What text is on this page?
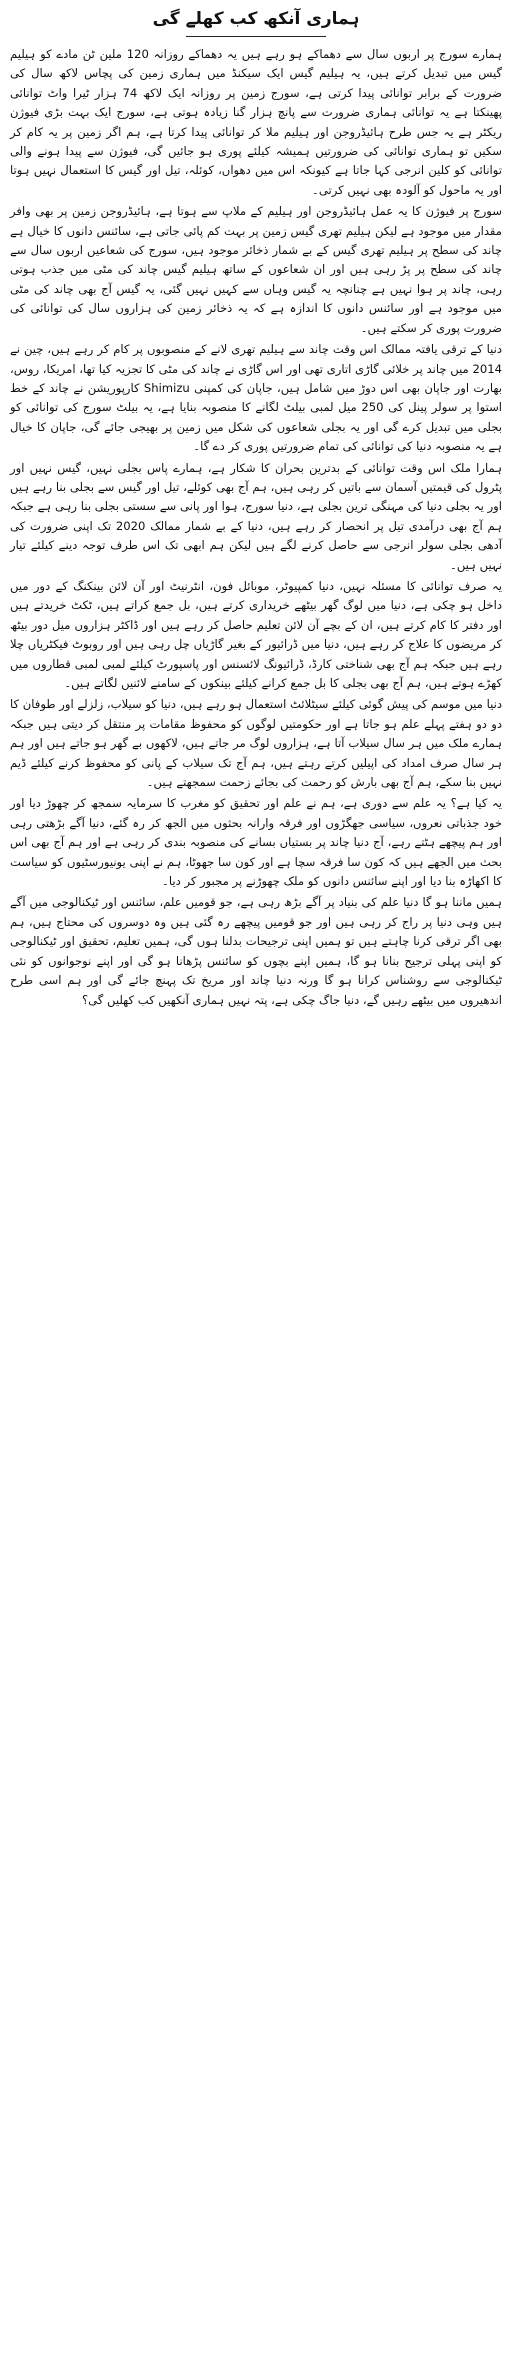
ہماری آنکھ کب کھلے گی

ہمارے سورج پر اربوں سال سے دھماکے ہو رہے ہیں یہ دھماکے روزانہ 120 ملین ٹن مادے کو ہیلیم گیس میں تبدیل کرتے ہیں، یہ ہیلیم گیس ایک سیکنڈ میں ہماری زمین کی پچاس لاکھ سال کی ضرورت کے برابر توانائی پیدا کرتی ہے، سورج زمین پر روزانہ ایک لاکھ 74 ہزار ٹیرا واٹ توانائی پھینکتا ہے یہ توانائی ہماری ضرورت سے پانچ ہزار گنا زیادہ ہوتی ہے، سورج ایک بہت بڑی فیوژن ریکٹر ہے یہ جس طرح ہائیڈروجن اور ہیلیم ملا کر توانائی پیدا کرتا ہے، ہم اگر زمین پر یہ کام کر سکیں تو ہماری توانائی کی ضرورتیں ہمیشہ کیلئے پوری ہو جائیں گی، فیوژن سے پیدا ہونے والی توانائی کو کلین انرجی کہا جاتا ہے کیونکہ اس میں دھواں، کوئلہ، تیل اور گیس کا استعمال نہیں ہوتا اور یہ ماحول کو آلودہ بھی نہیں کرتی۔

سورج پر فیوژن کا یہ عمل ہائیڈروجن اور ہیلیم کے ملاپ سے ہوتا ہے، ہائیڈروجن زمین پر بھی وافر مقدار میں موجود ہے لیکن ہیلیم تھری گیس زمین پر بہت کم پائی جاتی ہے، سائنس دانوں کا خیال ہے چاند کی سطح پر ہیلیم تھری گیس کے بے شمار ذخائر موجود ہیں، سورج کی شعاعیں اربوں سال سے چاند کی سطح پر پڑ رہی ہیں اور ان شعاعوں کے ساتھ ہیلیم گیس چاند کی مٹی میں جذب ہوتی رہی، چاند پر ہوا نہیں ہے چنانچہ یہ گیس وہاں سے کہیں نہیں گئی، یہ گیس آج بھی چاند کی مٹی میں موجود ہے اور سائنس دانوں کا اندازہ ہے کہ یہ ذخائر زمین کی ہزاروں سال کی توانائی کی ضرورت پوری کر سکتے ہیں۔

دنیا کے ترقی یافتہ ممالک اس وقت چاند سے ہیلیم تھری لانے کے منصوبوں پر کام کر رہے ہیں، چین نے 2014 میں چاند پر خلائی گاڑی اتاری تھی اور اس گاڑی نے چاند کی مٹی کا تجزیہ کیا تھا، امریکا، روس، بھارت اور جاپان بھی اس دوڑ میں شامل ہیں، جاپان کی کمپنی Shimizu کارپوریشن نے چاند کے خط استوا پر سولر پینل کی 250 میل لمبی بیلٹ لگانے کا منصوبہ بنایا ہے، یہ بیلٹ سورج کی توانائی کو بجلی میں تبدیل کرے گی اور یہ بجلی شعاعوں کی شکل میں زمین پر بھیجی جائے گی، جاپان کا خیال ہے یہ منصوبہ دنیا کی توانائی کی تمام ضرورتیں پوری کر دے گا۔

ہمارا ملک اس وقت توانائی کے بدترین بحران کا شکار ہے، ہمارے پاس بجلی نہیں، گیس نہیں اور پٹرول کی قیمتیں آسمان سے باتیں کر رہی ہیں، ہم آج بھی کوئلے، تیل اور گیس سے بجلی بنا رہے ہیں اور یہ بجلی دنیا کی مہنگی ترین بجلی ہے، دنیا سورج، ہوا اور پانی سے سستی بجلی بنا رہی ہے جبکہ ہم آج بھی درآمدی تیل پر انحصار کر رہے ہیں، دنیا کے بے شمار ممالک 2020 تک اپنی ضرورت کی آدھی بجلی سولر انرجی سے حاصل کرنے لگے ہیں لیکن ہم ابھی تک اس طرف توجہ دینے کیلئے تیار نہیں ہیں۔

یہ صرف توانائی کا مسئلہ نہیں، دنیا کمپیوٹر، موبائل فون، انٹرنیٹ اور آن لائن بینکنگ کے دور میں داخل ہو چکی ہے، دنیا میں لوگ گھر بیٹھے خریداری کرتے ہیں، بل جمع کراتے ہیں، ٹکٹ خریدتے ہیں اور دفتر کا کام کرتے ہیں، ان کے بچے آن لائن تعلیم حاصل کر رہے ہیں اور ڈاکٹر ہزاروں میل دور بیٹھ کر مریضوں کا علاج کر رہے ہیں، دنیا میں ڈرائیور کے بغیر گاڑیاں چل رہی ہیں اور روبوٹ فیکٹریاں چلا رہے ہیں جبکہ ہم آج بھی شناختی کارڈ، ڈرائیونگ لائسنس اور پاسپورٹ کیلئے لمبی لمبی قطاروں میں کھڑے ہوتے ہیں، ہم آج بھی بجلی کا بل جمع کرانے کیلئے بینکوں کے سامنے لائنیں لگاتے ہیں۔

دنیا میں موسم کی پیش گوئی کیلئے سیٹلائٹ استعمال ہو رہے ہیں، دنیا کو سیلاب، زلزلے اور طوفان کا دو دو ہفتے پہلے علم ہو جاتا ہے اور حکومتیں لوگوں کو محفوظ مقامات پر منتقل کر دیتی ہیں جبکہ ہمارے ملک میں ہر سال سیلاب آتا ہے، ہزاروں لوگ مر جاتے ہیں، لاکھوں بے گھر ہو جاتے ہیں اور ہم ہر سال صرف امداد کی اپیلیں کرتے رہتے ہیں، ہم آج تک سیلاب کے پانی کو محفوظ کرنے کیلئے ڈیم نہیں بنا سکے، ہم آج بھی بارش کو رحمت کی بجائے زحمت سمجھتے ہیں۔

یہ کیا ہے؟ یہ علم سے دوری ہے، ہم نے علم اور تحقیق کو مغرب کا سرمایہ سمجھ کر چھوڑ دیا اور خود جذباتی نعروں، سیاسی جھگڑوں اور فرقہ وارانہ بحثوں میں الجھ کر رہ گئے، دنیا آگے بڑھتی رہی اور ہم پیچھے ہٹتے رہے، آج دنیا چاند پر بستیاں بسانے کی منصوبہ بندی کر رہی ہے اور ہم آج بھی اس بحث میں الجھے ہیں کہ کون سا فرقہ سچا ہے اور کون سا جھوٹا، ہم نے اپنی یونیورسٹیوں کو سیاست کا اکھاڑہ بنا دیا اور اپنے سائنس دانوں کو ملک چھوڑنے پر مجبور کر دیا۔

ہمیں ماننا ہو گا دنیا علم کی بنیاد پر آگے بڑھ رہی ہے، جو قومیں علم، سائنس اور ٹیکنالوجی میں آگے ہیں وہی دنیا پر راج کر رہی ہیں اور جو قومیں پیچھے رہ گئی ہیں وہ دوسروں کی محتاج ہیں، ہم بھی اگر ترقی کرنا چاہتے ہیں تو ہمیں اپنی ترجیحات بدلنا ہوں گی، ہمیں تعلیم، تحقیق اور ٹیکنالوجی کو اپنی پہلی ترجیح بنانا ہو گا، ہمیں اپنے بچوں کو سائنس پڑھانا ہو گی اور اپنے نوجوانوں کو نئی ٹیکنالوجی سے روشناس کرانا ہو گا ورنہ دنیا چاند اور مریخ تک پہنچ جائے گی اور ہم اسی طرح اندھیروں میں بیٹھے رہیں گے، دنیا جاگ چکی ہے، پتہ نہیں ہماری آنکھیں کب کھلیں گی؟
